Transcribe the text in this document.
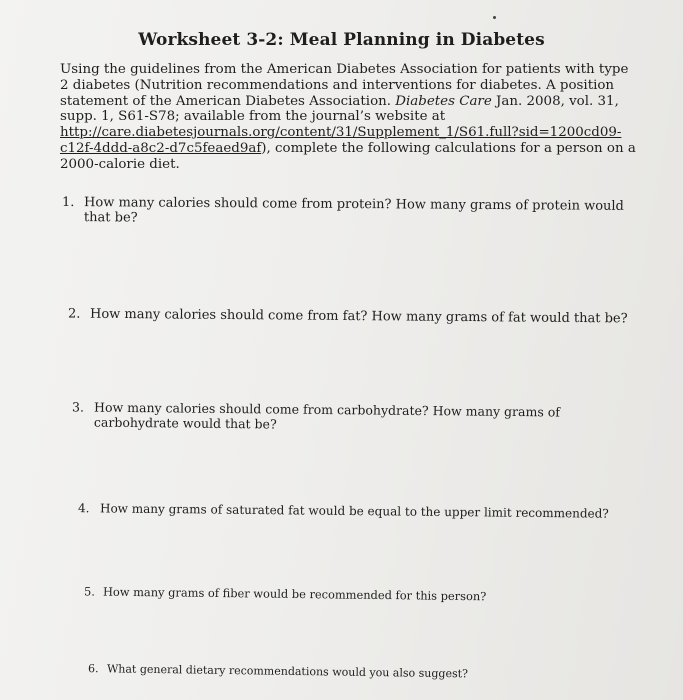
Worksheet 3-2: Meal Planning in Diabetes
Using the guidelines from the American Diabetes Association for patients with type 2 diabetes (Nutrition recommendations and interventions for diabetes. A position statement of the American Diabetes Association. Diabetes Care Jan. 2008, vol. 31, supp. 1, S61-S78; available from the journal’s website at http://care.diabetesjournals.org/content/31/Supplement_1/S61.full?sid=1200cd09-c12f-4ddd-a8c2-d7c5feaed9af), complete the following calculations for a person on a 2000-calorie diet.
1. How many calories should come from protein? How many grams of protein would that be?
2. How many calories should come from fat? How many grams of fat would that be?
3. How many calories should come from carbohydrate? How many grams of carbohydrate would that be?
4. How many grams of saturated fat would be equal to the upper limit recommended?
5. How many grams of fiber would be recommended for this person?
6. What general dietary recommendations would you also suggest?
